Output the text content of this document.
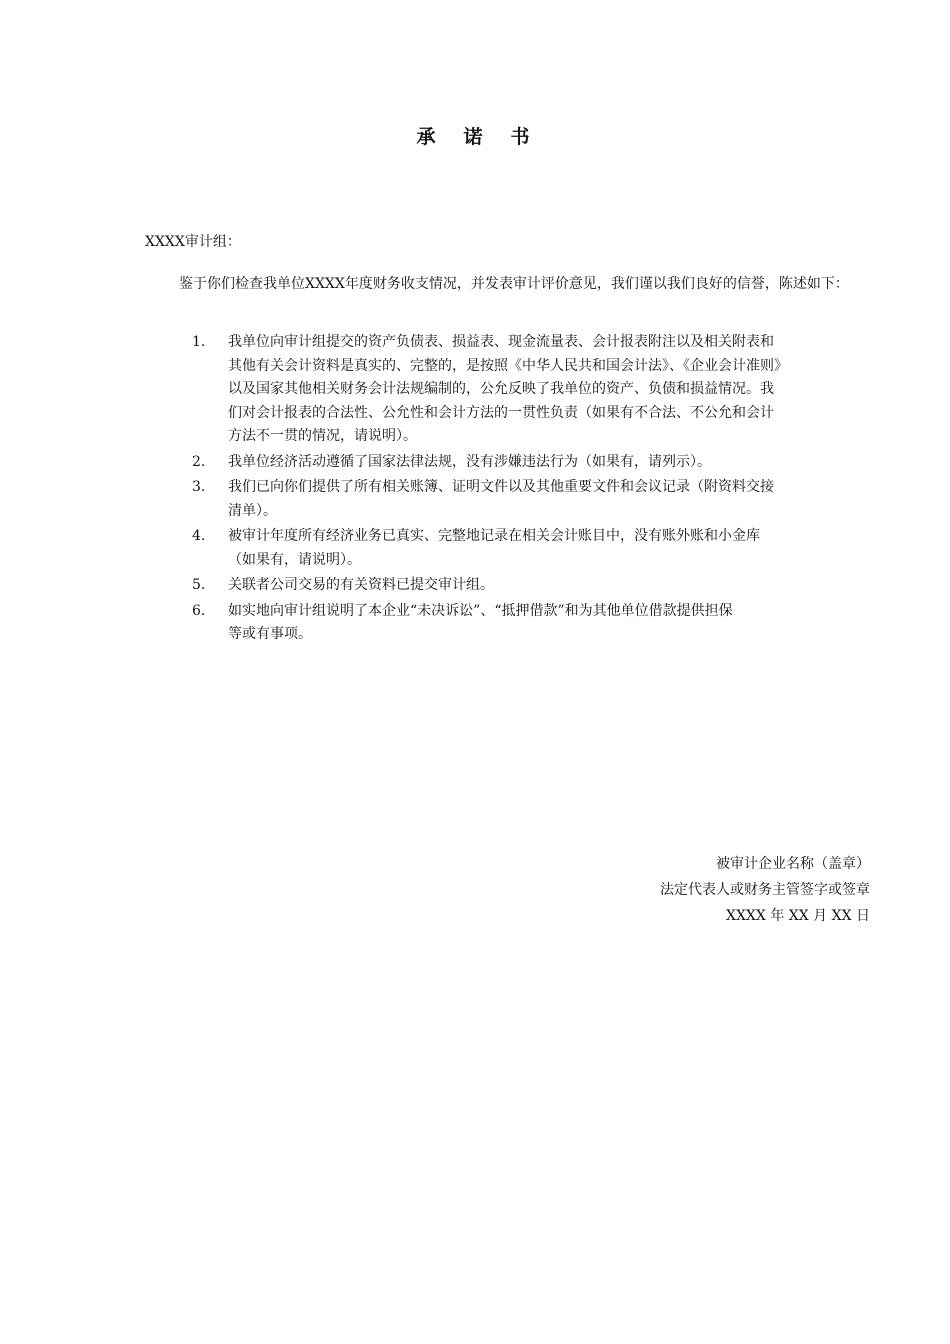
承 诺 书
XXXX审计组：
鉴于你们检查我单位XXXX年度财务收支情况，并发表审计评价意见，我们谨以我们良好的信誉，陈述如下：
1.	我单位向审计组提交的资产负债表、损益表、现金流量表、会计报表附注以及相关附表和
其他有关会计资料是真实的、完整的，是按照《中华人民共和国会计法》、《企业会计准则》
以及国家其他相关财务会计法规编制的，公允反映了我单位的资产、负债和损益情况。我
们对会计报表的合法性、公允性和会计方法的一贯性负责（如果有不合法、不公允和会计
方法不一贯的情况，请说明）。
2.	我单位经济活动遵循了国家法律法规，没有涉嫌违法行为（如果有，请列示）。
3.	我们已向你们提供了所有相关账簿、证明文件以及其他重要文件和会议记录（附资料交接
清单）。
4.	被审计年度所有经济业务已真实、完整地记录在相关会计账目中，没有账外账和小金库
（如果有，请说明）。
5.	关联者公司交易的有关资料已提交审计组。
6.	如实地向审计组说明了本企业“未决诉讼”、“抵押借款”和为其他单位借款提供担保
等或有事项。
被审计企业名称（盖章）
法定代表人或财务主管签字或签章
XXXX 年 XX 月 XX 日
